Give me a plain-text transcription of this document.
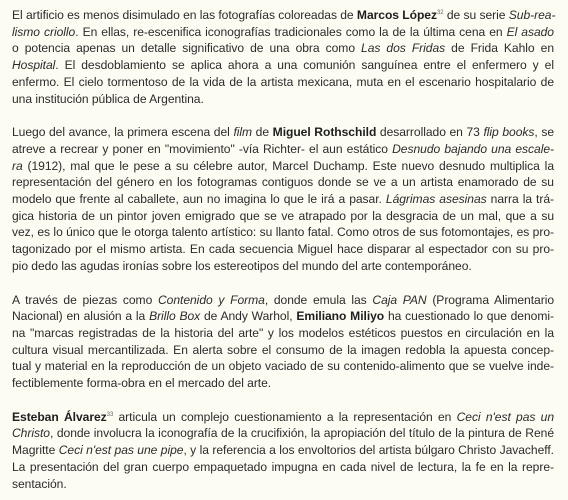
El artificio es menos disimulado en las fotografías coloreadas de Marcos López$^{32}$ de su serie Sub-rea-
lismo criollo. En ellas, re-escenifica iconografías tradicionales como la de la última cena en El asado
o potencia apenas un detalle significativo de una obra como Las dos Fridas de Frida Kahlo en
Hospital. El desdoblamiento se aplica ahora a una comunión sanguínea entre el enfermero y el
enfermo. El cielo tormentoso de la vida de la artista mexicana, muta en el escenario hospitalario de
una institución pública de Argentina.

Luego del avance, la primera escena del film de Miguel Rothschild desarrollado en 73 flip books, se
atreve a recrear y poner en "movimiento" -vía Richter- el aun estático Desnudo bajando una escale-
ra (1912), mal que le pese a su célebre autor, Marcel Duchamp. Este nuevo desnudo multiplica la
representación del género en los fotogramas contiguos donde se ve a un artista enamorado de su
modelo que frente al caballete, aun no imagina lo que le irá a pasar. Lágrimas asesinas narra la trá-
gica historia de un pintor joven emigrado que se ve atrapado por la desgracia de un mal, que a su
vez, es lo único que le otorga talento artístico: su llanto fatal. Como otros de sus fotomontajes, es pro-
tagonizado por el mismo artista. En cada secuencia Miguel hace disparar al espectador con su pro-
pio dedo las agudas ironías sobre los estereotipos del mundo del arte contemporáneo.

A través de piezas como Contenido y Forma, donde emula las Caja PAN (Programa Alimentario
Nacional) en alusión a la Brillo Box de Andy Warhol, Emiliano Miliyo ha cuestionado lo que denomi-
na "marcas registradas de la historia del arte" y los modelos estéticos puestos en circulación en la
cultura visual mercantilizada. En alerta sobre el consumo de la imagen redobla la apuesta concep-
tual y material en la reproducción de un objeto vaciado de su contenido-alimento que se vuelve inde-
fectiblemente forma-obra en el mercado del arte.

Esteban Álvarez$^{33}$ articula un complejo cuestionamiento a la representación en Ceci n'est pas un
Christo, donde involucra la iconografía de la crucifixión, la apropiación del título de la pintura de René
Magritte Ceci n'est pas une pipe, y la referencia a los envoltorios del artista búlgaro Christo Javacheff.
La presentación del gran cuerpo empaquetado impugna en cada nivel de lectura, la fe en la repre-
sentación.
